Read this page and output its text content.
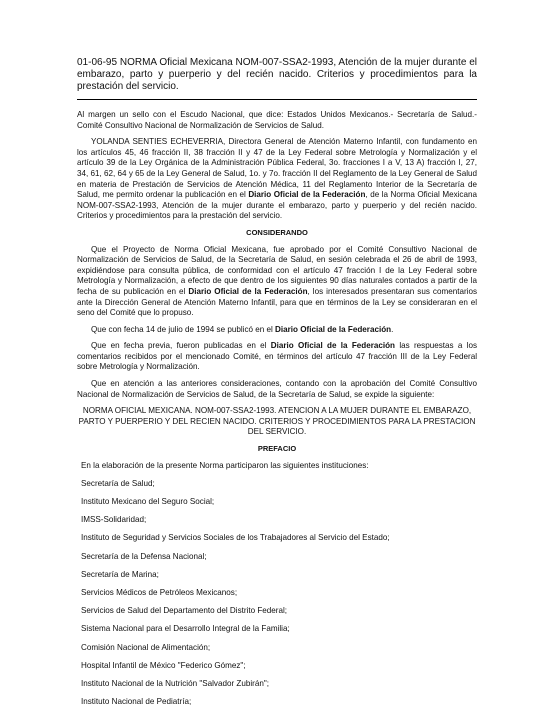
01-06-95 NORMA Oficial Mexicana NOM-007-SSA2-1993, Atención de la mujer durante el embarazo, parto y puerperio y del recién nacido. Criterios y procedimientos para la prestación del servicio.

Al margen un sello con el Escudo Nacional, que dice: Estados Unidos Mexicanos.- Secretaría de Salud.- Comité Consultivo Nacional de Normalización de Servicios de Salud.

YOLANDA SENTIES ECHEVERRIA, Directora General de Atención Materno Infantil, con fundamento en los artículos 45, 46 fracción II, 38 fracción II y 47 de la Ley Federal sobre Metrología y Normalización y el artículo 39 de la Ley Orgánica de la Administración Pública Federal, 3o. fracciones I a V, 13 A) fracción I, 27, 34, 61, 62, 64 y 65 de la Ley General de Salud, 1o. y 7o. fracción II del Reglamento de la Ley General de Salud en materia de Prestación de Servicios de Atención Médica, 11 del Reglamento Interior de la Secretaría de Salud, me permito ordenar la publicación en el Diario Oficial de la Federación, de la Norma Oficial Mexicana NOM-007-SSA2-1993, Atención de la mujer durante el embarazo, parto y puerperio y del recién nacido. Criterios y procedimientos para la prestación del servicio.

CONSIDERANDO

Que el Proyecto de Norma Oficial Mexicana, fue aprobado por el Comité Consultivo Nacional de Normalización de Servicios de Salud, de la Secretaría de Salud, en sesión celebrada el 26 de abril de 1993, expidiéndose para consulta pública, de conformidad con el artículo 47 fracción I de la Ley Federal sobre Metrología y Normalización, a efecto de que dentro de los siguientes 90 días naturales contados a partir de la fecha de su publicación en el Diario Oficial de la Federación, los interesados presentaran sus comentarios ante la Dirección General de Atención Materno Infantil, para que en términos de la Ley se consideraran en el seno del Comité que lo propuso.

Que con fecha 14 de julio de 1994 se publicó en el Diario Oficial de la Federación.

Que en fecha previa, fueron publicadas en el Diario Oficial de la Federación las respuestas a los comentarios recibidos por el mencionado Comité, en términos del artículo 47 fracción III de la Ley Federal sobre Metrología y Normalización.

Que en atención a las anteriores consideraciones, contando con la aprobación del Comité Consultivo Nacional de Normalización de Servicios de Salud, de la Secretaría de Salud, se expide la siguiente:

NORMA OFICIAL MEXICANA. NOM-007-SSA2-1993. ATENCION A LA MUJER DURANTE EL EMBARAZO, PARTO Y PUERPERIO Y DEL RECIEN NACIDO. CRITERIOS Y PROCEDIMIENTOS PARA LA PRESTACION DEL SERVICIO.

PREFACIO

En la elaboración de la presente Norma participaron las siguientes instituciones:

Secretaría de Salud;

Instituto Mexicano del Seguro Social;

IMSS-Solidaridad;

Instituto de Seguridad y Servicios Sociales de los Trabajadores al Servicio del Estado;

Secretaría de la Defensa Nacional;

Secretaría de Marina;

Servicios Médicos de Petróleos Mexicanos;

Servicios de Salud del Departamento del Distrito Federal;

Sistema Nacional para el Desarrollo Integral de la Familia;

Comisión Nacional de Alimentación;

Hospital Infantil de México "Federico Gómez";

Instituto Nacional de la Nutrición "Salvador Zubirán";

Instituto Nacional de Pediatría;
